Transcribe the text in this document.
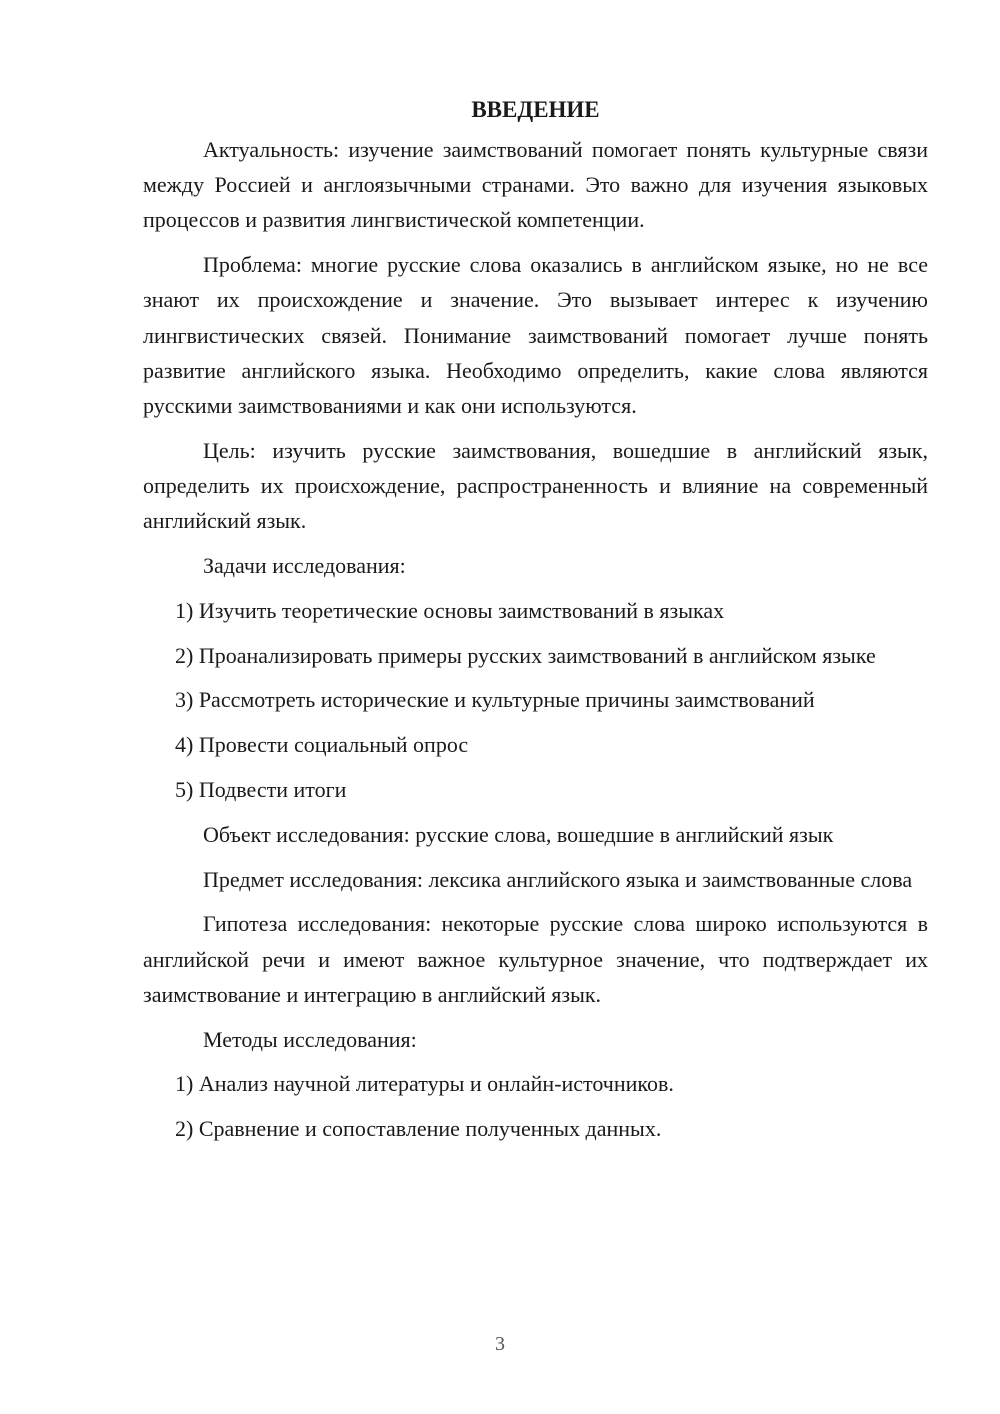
ВВЕДЕНИЕ
Актуальность: изучение заимствований помогает понять культурные связи между Россией и англоязычными странами. Это важно для изучения языковых процессов и развития лингвистической компетенции.
Проблема: многие русские слова оказались в английском языке, но не все знают их происхождение и значение. Это вызывает интерес к изучению лингвистических связей. Понимание заимствований помогает лучше понять развитие английского языка. Необходимо определить, какие слова являются русскими заимствованиями и как они используются.
Цель: изучить русские заимствования, вошедшие в английский язык, определить их происхождение, распространенность и влияние на современный английский язык.
Задачи исследования:
1) Изучить теоретические основы заимствований в языках
2) Проанализировать примеры русских заимствований в английском языке
3) Рассмотреть исторические и культурные причины заимствований
4) Провести социальный опрос
5) Подвести итоги
Объект исследования: русские слова, вошедшие в английский язык
Предмет исследования: лексика английского языка и заимствованные слова
Гипотеза исследования: некоторые русские слова широко используются в английской речи и имеют важное культурное значение, что подтверждает их заимствование и интеграцию в английский язык.
Методы исследования:
1) Анализ научной литературы и онлайн-источников.
2) Сравнение и сопоставление полученных данных.
3
